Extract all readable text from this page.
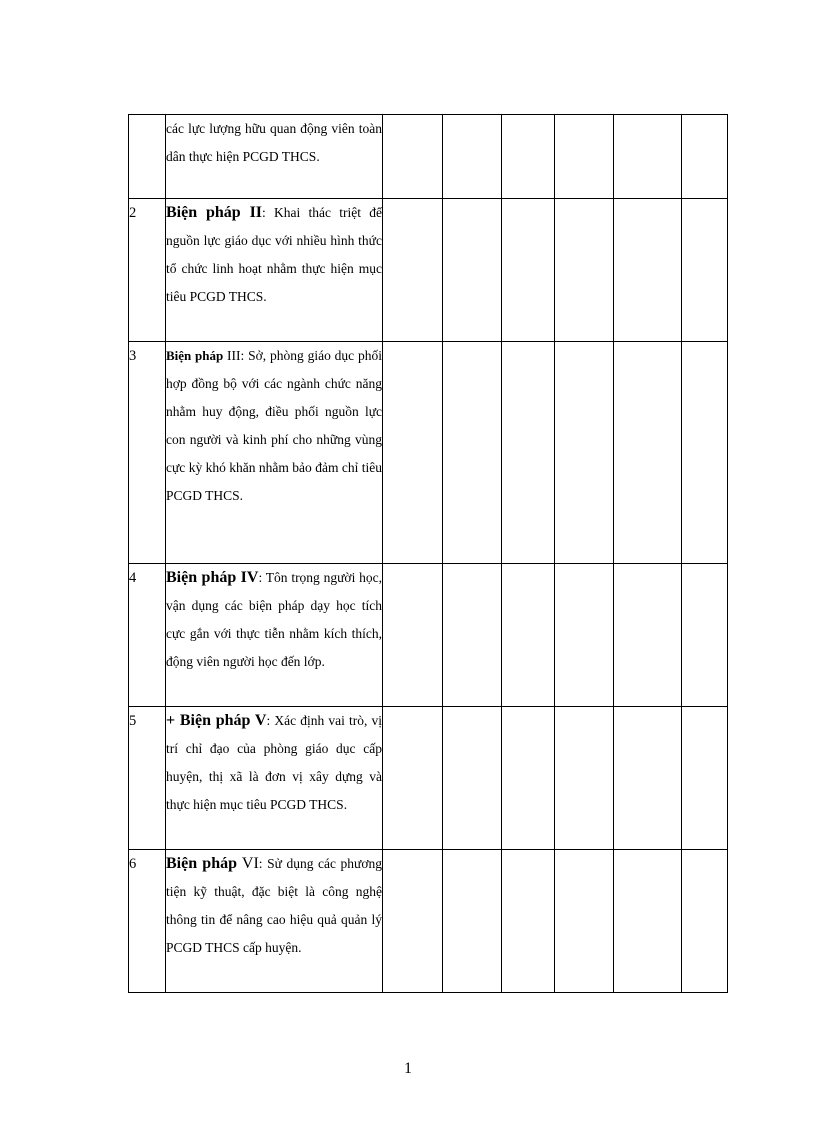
	các lực lượng hữu quan động viên toàn dân thực hiện PCGD THCS.						
2	Biện pháp II: Khai thác triệt để nguồn lực giáo dục với nhiều hình thức tổ chức linh hoạt nhằm thực hiện mục tiêu PCGD THCS.						
3	Biện pháp III: Sở, phòng giáo dục phối hợp đồng bộ với các ngành chức năng nhằm huy động, điều phối nguồn lực con người và kinh phí cho những vùng cực kỳ khó khăn nhằm bảo đảm chỉ tiêu PCGD THCS.						
4	Biện pháp IV: Tôn trọng người học, vận dụng các biện pháp dạy học tích cực gắn với thực tiễn nhằm kích thích, động viên người học đến lớp.						
5	+ Biện pháp V: Xác định vai trò, vị trí chỉ đạo của phòng giáo dục cấp huyện, thị xã là đơn vị xây dựng và thực hiện mục tiêu PCGD THCS.						
6	Biện pháp VI: Sử dụng các phương tiện kỹ thuật, đặc biệt là công nghệ thông tin để nâng cao hiệu quả quản lý PCGD THCS cấp huyện.						
1
